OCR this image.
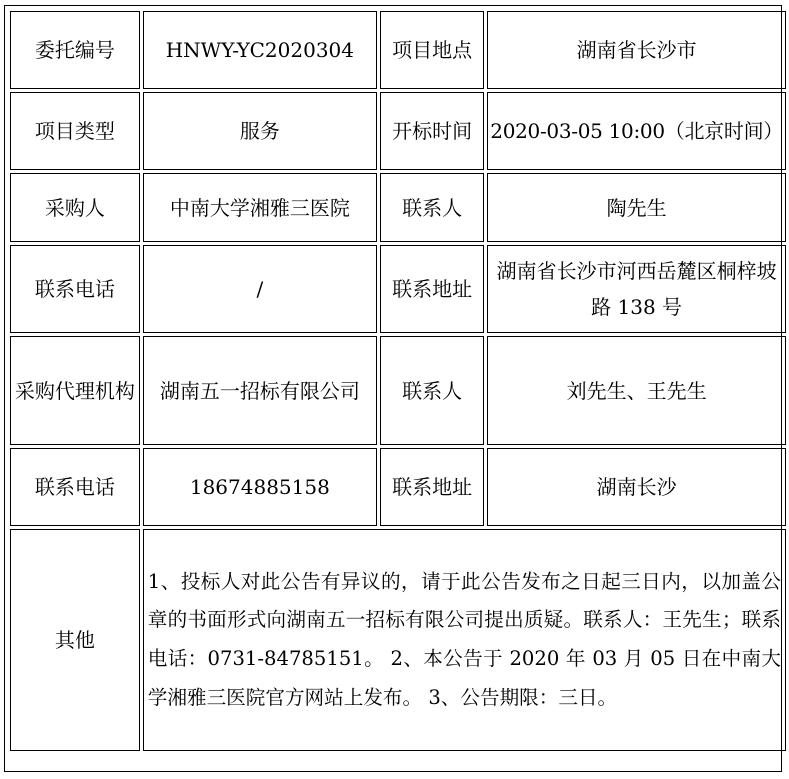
委托编号	HNWY-YC2020304	项目地点	湖南省长沙市
项目类型	服务	开标时间	2020-03-05 10:00（北京时间）
采购人	中南大学湘雅三医院	联系人	陶先生
联系电话	/	联系地址	湖南省长沙市河西岳麓区桐梓坡路 138 号
采购代理机构	湖南五一招标有限公司	联系人	刘先生、王先生
联系电话	18674885158	联系地址	湖南长沙
其他	1、投标人对此公告有异议的，请于此公告发布之日起三日内，以加盖公章的书面形式向湖南五一招标有限公司提出质疑。联系人：王先生；联系电话：0731-84785151。 2、本公告于 2020 年 03 月 05 日在中南大学湘雅三医院官方网站上发布。 3、公告期限：三日。		
